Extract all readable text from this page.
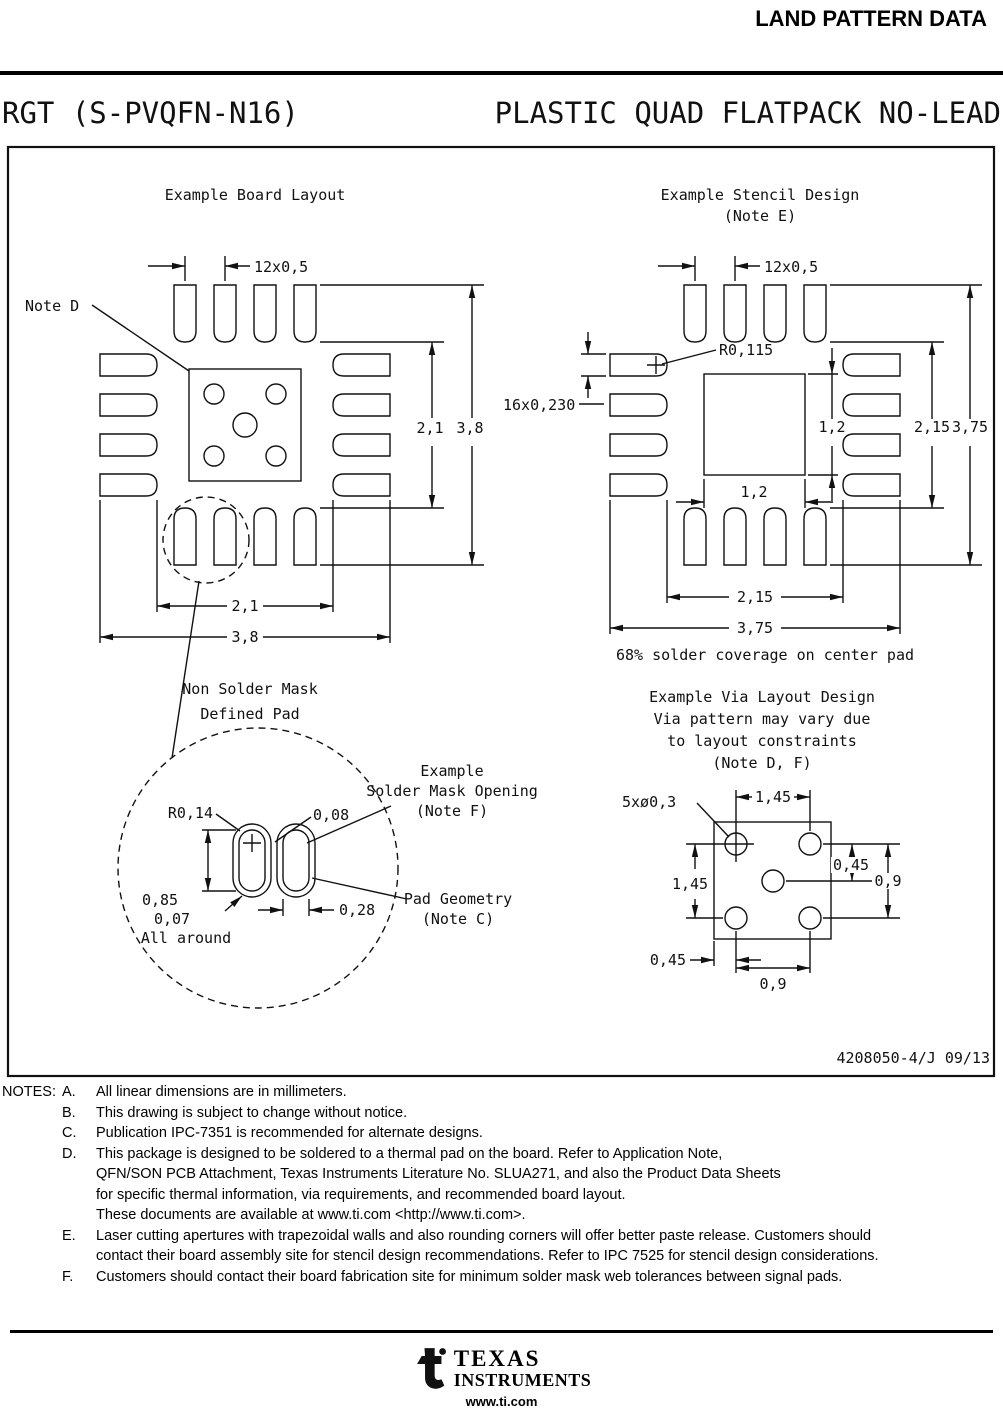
LAND PATTERN DATA
RGT (S-PVQFN-N16)	PLASTIC QUAD FLATPACK NO-LEAD
Example Board Layout
12x0,5
Note D
2,1 3,8
2,1
3,8
Example Stencil Design
(Note E)
12x0,5
R0,115
16x0,230
1,2	2,15 3,75
1,2
2,15
3,75
68% solder coverage on center pad
Non Solder Mask
Defined Pad
R0,14	0,08
0,85
0,07
All around
0,28
Example
Solder Mask Opening
(Note F)
Pad Geometry
(Note C)
Example Via Layout Design
Via pattern may vary due
to layout constraints
(Note D, F)
5xø0,3	1,45
1,45
0,45
0,9
0,45
0,9
4208050-4/J 09/13
NOTES: A.	All linear dimensions are in millimeters.
B.	This drawing is subject to change without notice.
C.	Publication IPC-7351 is recommended for alternate designs.
D.	This package is designed to be soldered to a thermal pad on the board. Refer to Application Note,
QFN/SON PCB Attachment, Texas Instruments Literature No. SLUA271, and also the Product Data Sheets
for specific thermal information, via requirements, and recommended board layout.
These documents are available at www.ti.com <http://www.ti.com>.
E.	Laser cutting apertures with trapezoidal walls and also rounding corners will offer better paste release. Customers should
contact their board assembly site for stencil design recommendations. Refer to IPC 7525 for stencil design considerations.
F.	Customers should contact their board fabrication site for minimum solder mask web tolerances between signal pads.
TEXAS
INSTRUMENTS
www.ti.com
